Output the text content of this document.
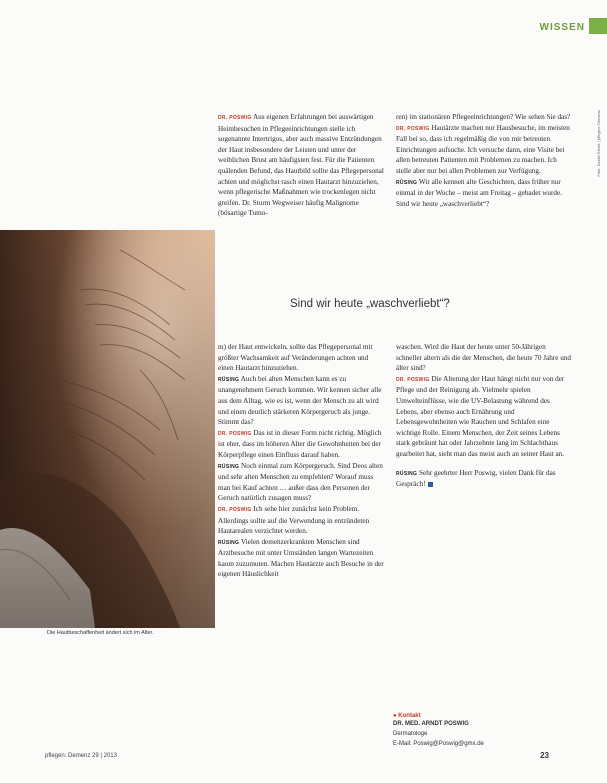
WISSEN
Foto: Daniel Elbert | pflegen: Demenz
Die Hautbeschaffenheit ändert sich im Alter.

DR. POSWIG Aus eigenen Erfahrungen bei auswärtigen Heimbesuchen in Pflegeeinrichtungen stelle ich sogenannte Intertrigos, aber auch massive Entzündungen der Haut insbesondere der Leisten und unter der weiblichen Brust am häufigsten fest. Für die Patienten quälenden Befund, das Hautbild sollte das Pflegepersonal achten und möglichst rasch einen Hautarzt hinzuziehen, wenn pflegerische Maßnahmen wie trockenlegen nicht greifen. Dr. Sturm Wegweiser häufig Malignome (bösartige Tumo-

ren) im stationären Pflegeeinrichtungen? Wie sehen Sie das?

DR. POSWIG Hautärzte machen nur Hausbesuche, im meisten Fall bei so, dass ich regelmäßig die von mir betreuten Einrichtungen aufsuche. Ich versuche dann, eine Visite bei allen betreuten Patienten mit Problemen zu machen. Ich stelle aber nur bei allen Problemen zur Verfügung.

RÜSING Wir alle kennen alte Geschichten, dass früher nur einmal in der Woche – meist am Freitag – gebadet wurde. Sind wir heute „waschverliebt“?

Sind wir heute „waschverliebt“?

m) der Haut entwickeln, sollte das Pflegepersonal mit größter Wachsamkeit auf Veränderungen achten und einen Hautarzt hinzuziehen.

RÜSING Auch bei alten Menschen kann es zu unangenehmem Geruch kommen. Wir kennen sicher alle aus dem Alltag, wie es ist, wenn der Mensch zu alt wird und einen deutlich stärkeren Körpergeruch als junge. Stimmt das?

DR. POSWIG Das ist in dieser Form nicht richtig. Möglich ist eher, dass im höheren Alter die Gewohnheiten bei der Körperpflege einen Einfluss darauf haben.

RÜSING Noch einmal zum Körpergeruch. Sind Deos alten und sehr alten Menschen zu empfehlen? Worauf muss man bei Kauf achten … außer dass den Personen der Geruch natürlich zusagen muss?

DR. POSWIG Ich sehe hier zunächst kein Problem. Allerdings sollte auf die Verwendung in entzündeten Hautarealen verzichtet werden.

RÜSING Vielen demenzerkrankten Menschen sind Arztbesuche mit unter Umständen langen Wartezeiten kaum zuzumuten. Machen Hautärzte auch Besuche in der eigenen Häuslichkeit

waschen. Wird die Haut der heute unter 50-Jährigen schneller altern als die der Menschen, die heute 70 Jahre und älter sind?

DR. POSWIG Die Alterung der Haut hängt nicht nur von der Pflege und der Reinigung ab. Vielmehr spielen Umwelteinflüsse, wie die UV-Belastung während des Lebens, aber ebenso auch Ernährung und Lebensgewohnheiten wie Rauchen und Schlafen eine wichtige Rolle. Einem Menschen, der Zeit seines Lebens stark gebräunt hat oder Jahrzehnte lang im Schlachthaus gearbeitet hat, sieht man das meist auch an seiner Haut an.

RÜSING Sehr geehrter Herr Poswig, vielen Dank für das Gespräch!

● Kontakt
DR. MED. ARNDT POSWIG
Dermatologe
E-Mail: Poswig@Poswig@gmx.de
pflegen: Demenz 29 | 2013	23
